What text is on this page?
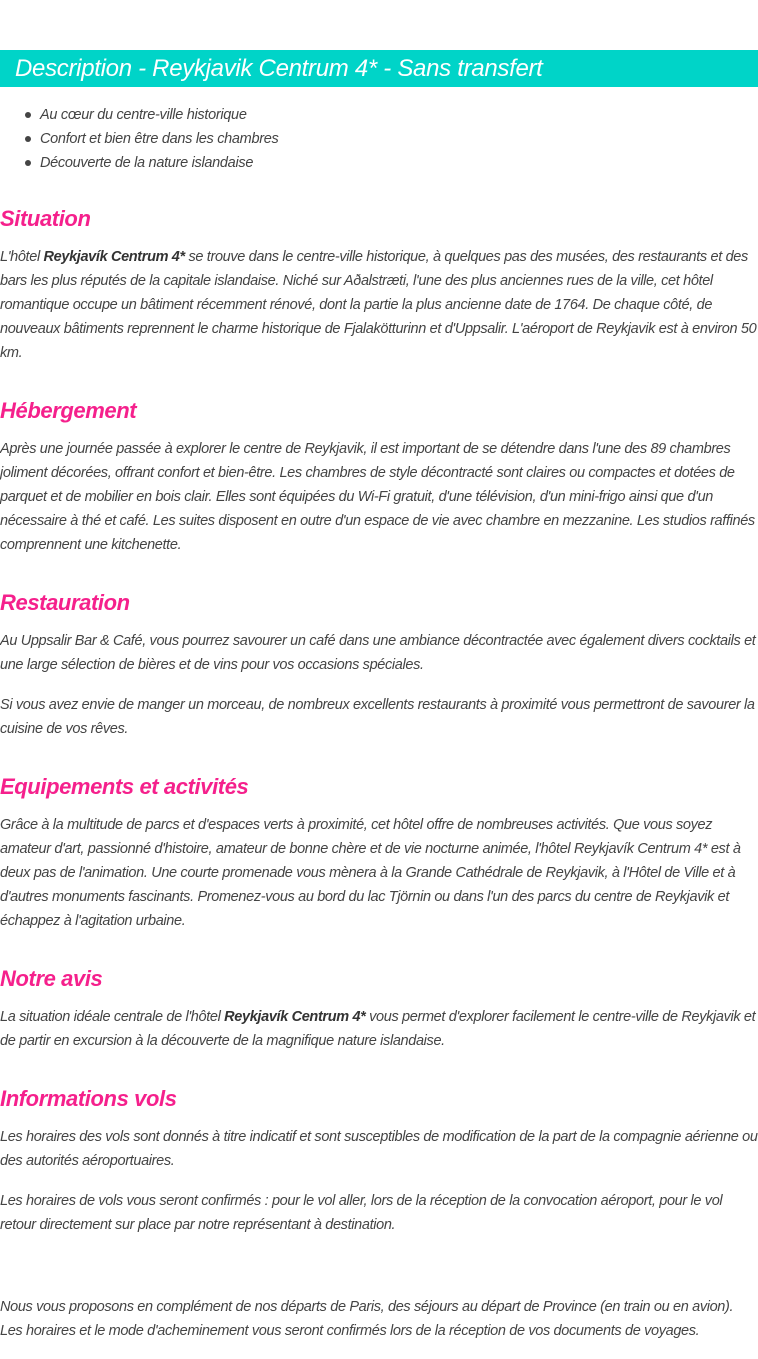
Description - Reykjavik Centrum 4* - Sans transfert
Au cœur du centre-ville historique
Confort et bien être dans les chambres
Découverte de la nature islandaise
Situation

L'hôtel Reykjavík Centrum 4* se trouve dans le centre-ville historique, à quelques pas des musées, des restaurants et des bars les plus réputés de la capitale islandaise. Niché sur Aðalstræti, l'une des plus anciennes rues de la ville, cet hôtel romantique occupe un bâtiment récemment rénové, dont la partie la plus ancienne date de 1764. De chaque côté, de nouveaux bâtiments reprennent le charme historique de Fjalakötturinn et d'Uppsalir. L'aéroport de Reykjavik est à environ 50 km.

Hébergement

Après une journée passée à explorer le centre de Reykjavik, il est important de se détendre dans l'une des 89 chambres joliment décorées, offrant confort et bien-être. Les chambres de style décontracté sont claires ou compactes et dotées de parquet et de mobilier en bois clair. Elles sont équipées du Wi-Fi gratuit, d'une télévision, d'un mini-frigo ainsi que d'un nécessaire à thé et café. Les suites disposent en outre d'un espace de vie avec chambre en mezzanine. Les studios raffinés comprennent une kitchenette.

Restauration

Au Uppsalir Bar & Café, vous pourrez savourer un café dans une ambiance décontractée avec également divers cocktails et une large sélection de bières et de vins pour vos occasions spéciales.

Si vous avez envie de manger un morceau, de nombreux excellents restaurants à proximité vous permettront de savourer la cuisine de vos rêves.

Equipements et activités

Grâce à la multitude de parcs et d'espaces verts à proximité, cet hôtel offre de nombreuses activités. Que vous soyez amateur d'art, passionné d'histoire, amateur de bonne chère et de vie nocturne animée, l'hôtel Reykjavík Centrum 4* est à deux pas de l'animation. Une courte promenade vous mènera à la Grande Cathédrale de Reykjavik, à l'Hôtel de Ville et à d'autres monuments fascinants. Promenez-vous au bord du lac Tjörnin ou dans l'un des parcs du centre de Reykjavik et échappez à l'agitation urbaine.

Notre avis

La situation idéale centrale de l'hôtel Reykjavík Centrum 4* vous permet d'explorer facilement le centre-ville de Reykjavik et de partir en excursion à la découverte de la magnifique nature islandaise.

Informations vols

Les horaires des vols sont donnés à titre indicatif et sont susceptibles de modification de la part de la compagnie aérienne ou des autorités aéroportuaires.

Les horaires de vols vous seront confirmés : pour le vol aller, lors de la réception de la convocation aéroport, pour le vol retour directement sur place par notre représentant à destination.

Nous vous proposons en complément de nos départs de Paris, des séjours au départ de Province (en train ou en avion). Les horaires et le mode d'acheminement vous seront confirmés lors de la réception de vos documents de voyages.
